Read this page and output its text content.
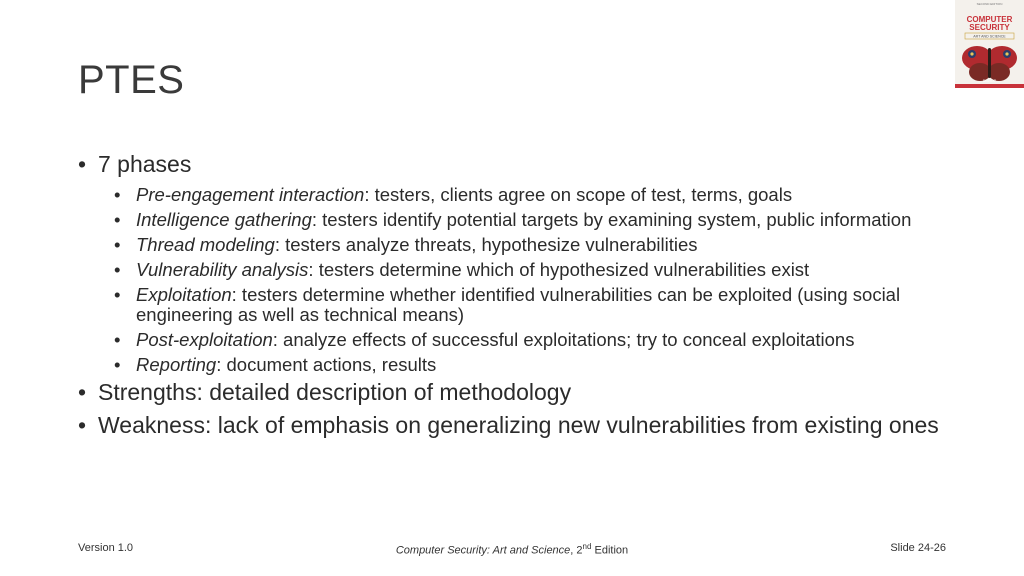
PTES
SECOND EDITION
COMPUTER
SECURITY
ART AND SCIENCE
BISHOP
• 7 phases
• Pre-engagement interaction: testers, clients agree on scope of test, terms, goals
• Intelligence gathering: testers identify potential targets by examining system, public information
• Thread modeling: testers analyze threats, hypothesize vulnerabilities
• Vulnerability analysis: testers determine which of hypothesized vulnerabilities exist
• Exploitation: testers determine whether identified vulnerabilities can be exploited (using social engineering as well as technical means)
• Post-exploitation: analyze effects of successful exploitations; try to conceal exploitations
• Reporting: document actions, results
• Strengths: detailed description of methodology
• Weakness: lack of emphasis on generalizing new vulnerabilities from existing ones
Version 1.0	Computer Security: Art and Science, 2nd Edition	Slide 24-26
